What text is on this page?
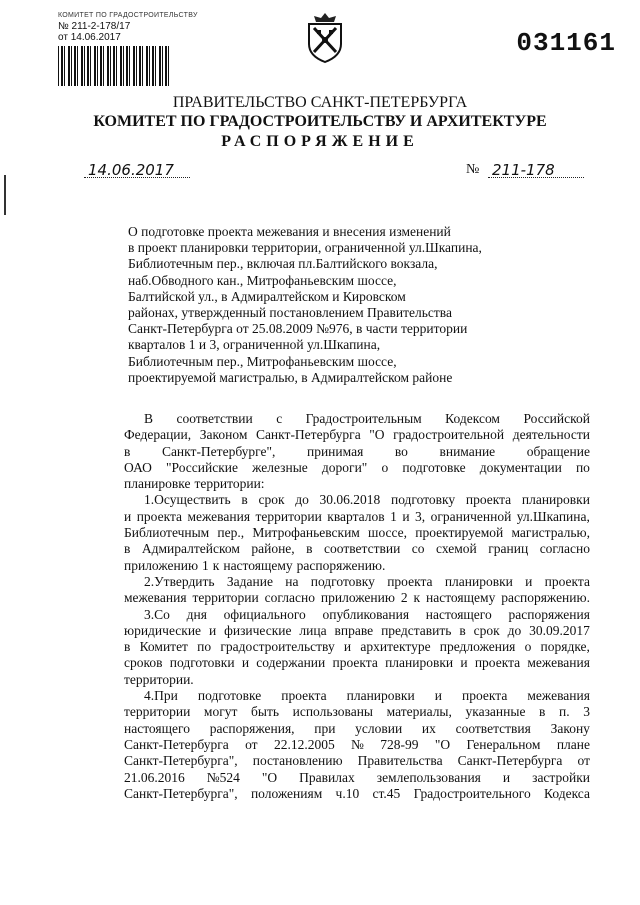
КОМИТЕТ ПО ГРАДОСТРОИТЕЛЬСТВУ
№ 211-2-178/17
от 14.06.2017	031161
ПРАВИТЕЛЬСТВО САНКТ-ПЕТЕРБУРГА
КОМИТЕТ ПО ГРАДОСТРОИТЕЛЬСТВУ И АРХИТЕКТУРЕ
РАСПОРЯЖЕНИЕ
14.06.2017	№ 211-178
О подготовке проекта межевания и внесения изменений
в проект планировки территории, ограниченной ул.Шкапина,
Библиотечным пер., включая пл.Балтийского вокзала,
наб.Обводного кан., Митрофаньевским шоссе,
Балтийской ул., в Адмиралтейском и Кировском
районах, утвержденный постановлением Правительства
Санкт-Петербурга от 25.08.2009 №976, в части территории
кварталов 1 и 3, ограниченной ул.Шкапина,
Библиотечным пер., Митрофаньевским шоссе,
проектируемой магистралью, в Адмиралтейском районе
В соответствии с Градостроительным Кодексом Российской
Федерации, Законом Санкт-Петербурга "О градостроительной деятельности
в Санкт-Петербурге", принимая во внимание обращение
ОАО "Российские железные дороги" о подготовке документации по
планировке территории:
1.Осуществить в срок до 30.06.2018 подготовку проекта планировки
и проекта межевания территории кварталов 1 и 3, ограниченной ул.Шкапина,
Библиотечным пер., Митрофаньевским шоссе, проектируемой магистралью,
в Адмиралтейском районе, в соответствии со схемой границ согласно
приложению 1 к настоящему распоряжению.
2.Утвердить Задание на подготовку проекта планировки и проекта
межевания территории согласно приложению 2 к настоящему распоряжению.
3.Со дня официального опубликования настоящего распоряжения
юридические и физические лица вправе представить в срок до 30.09.2017
в Комитет по градостроительству и архитектуре предложения о порядке,
сроков подготовки и содержании проекта планировки и проекта межевания
территории.
4.При подготовке проекта планировки и проекта межевания
территории могут быть использованы материалы, указанные в п. 3
настоящего распоряжения, при условии их соответствия Закону
Санкт-Петербурга от 22.12.2005 № 728-99 "О Генеральном плане
Санкт-Петербурга", постановлению Правительства Санкт-Петербурга от
21.06.2016 №524 "О Правилах землепользования и застройки
Санкт-Петербурга", положениям ч.10 ст.45 Градостроительного Кодекса
